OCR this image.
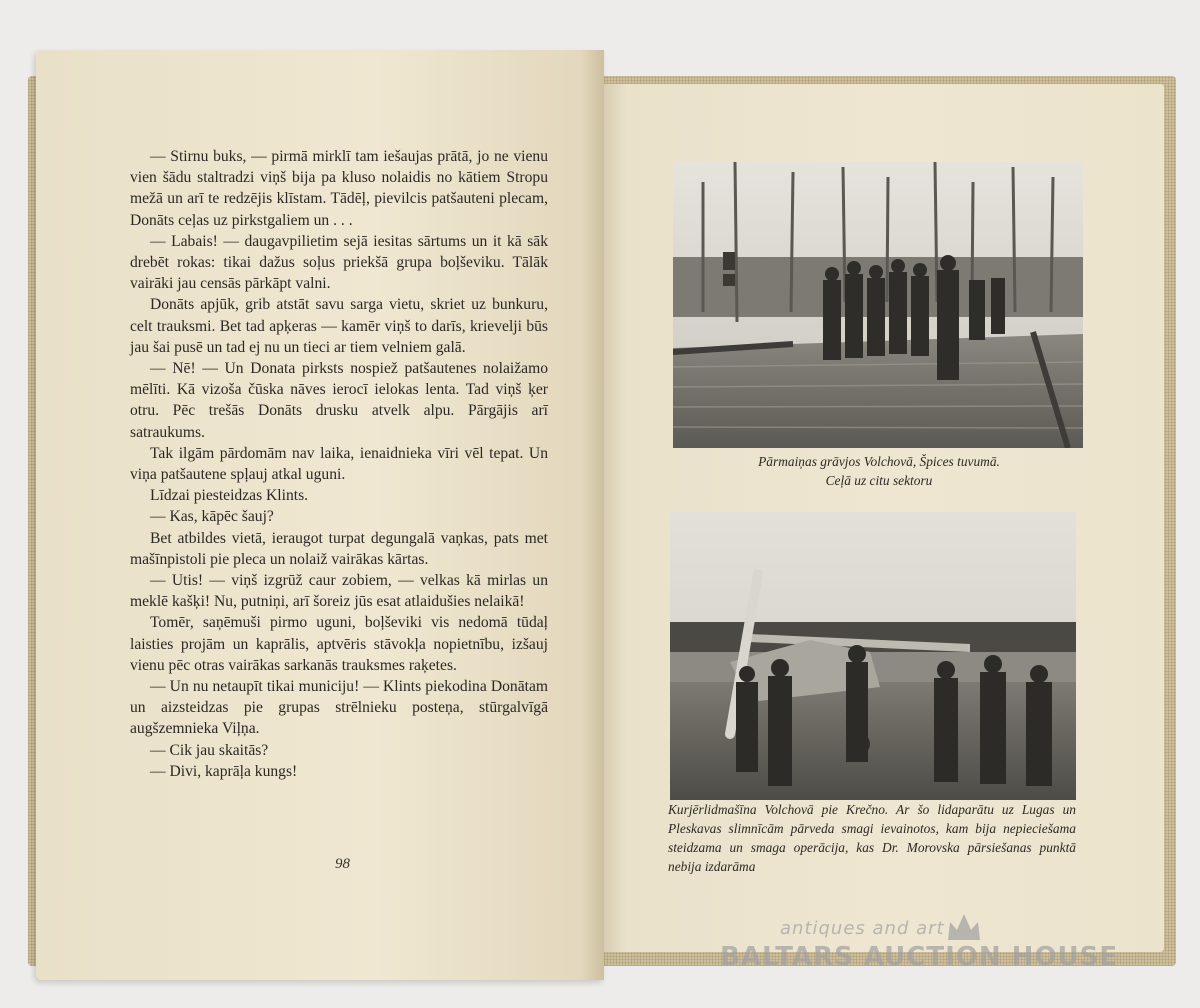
— Stirnu buks, — pirmā mirklī tam iešaujas prātā, jo ne vienu vien šādu staltradzi viņš bija pa kluso nolaidis no kātiem Stropu mežā un arī te redzējis klīstam. Tādēļ, pievilcis patšauteni plecam, Donāts ceļas uz pirkstgaliem un . . .

— Labais! — daugavpilietim sejā iesitas sārtums un it kā sāk drebēt rokas: tikai dažus soļus priekšā grupa boļševiku. Tālāk vairāki jau censās pārkāpt valni.

Donāts apjūk, grib atstāt savu sarga vietu, skriet uz bunkuru, celt trauksmi. Bet tad apķeras — kamēr viņš to darīs, krievelji būs jau šai pusē un tad ej nu un tieci ar tiem velniem galā.

— Nē! — Un Donata pirksts nospiež patšautenes nolaižamo mēlīti. Kā vizoša čūska nāves ierocī ielokas lenta. Tad viņš ķer otru. Pēc trešās Donāts drusku atvelk alpu. Pārgājis arī satraukums.

Tak ilgām pārdomām nav laika, ienaidnieka vīri vēl tepat. Un viņa patšautene spļauj atkal uguni.

Līdzai piesteidzas Klints.

— Kas, kāpēc šauj?

Bet atbildes vietā, ieraugot turpat degungalā vaņkas, pats met mašīnpistoli pie pleca un nolaiž vairākas kārtas.

— Utis! — viņš izgrūž caur zobiem, — velkas kā mirlas un meklē kašķi! Nu, putniņi, arī šoreiz jūs esat atlaidušies nelaikā!

Tomēr, saņēmuši pirmo uguni, boļševiki vis nedomā tūdaļ laisties projām un kaprālis, aptvēris stāvokļa nopietnību, izšauj vienu pēc otras vairākas sarkanās trauksmes raķetes.

— Un nu netaupīt tikai municiju! — Klints piekodina Donātam un aizsteidzas pie grupas strēlnieku posteņa, stūrgalvīgā augšzemnieka Viļņa.

— Cik jau skaitās?

— Divi, kaprāļa kungs!

98
Pārmaiņas grāvjos Volchovā, Špices tuvumā.
Ceļā uz citu sektoru
Kurjērlidmašīna Volchovā pie Krečno. Ar šo lidaparātu uz Lugas un Pleskavas slimnīcām pārveda smagi ievainotos, kam bija nepieciešama steidzama un smaga operācija, kas Dr. Morovska pārsiešanas punktā nebija izdarāma
antiques and art
BALTARS AUCTION HOUSE
